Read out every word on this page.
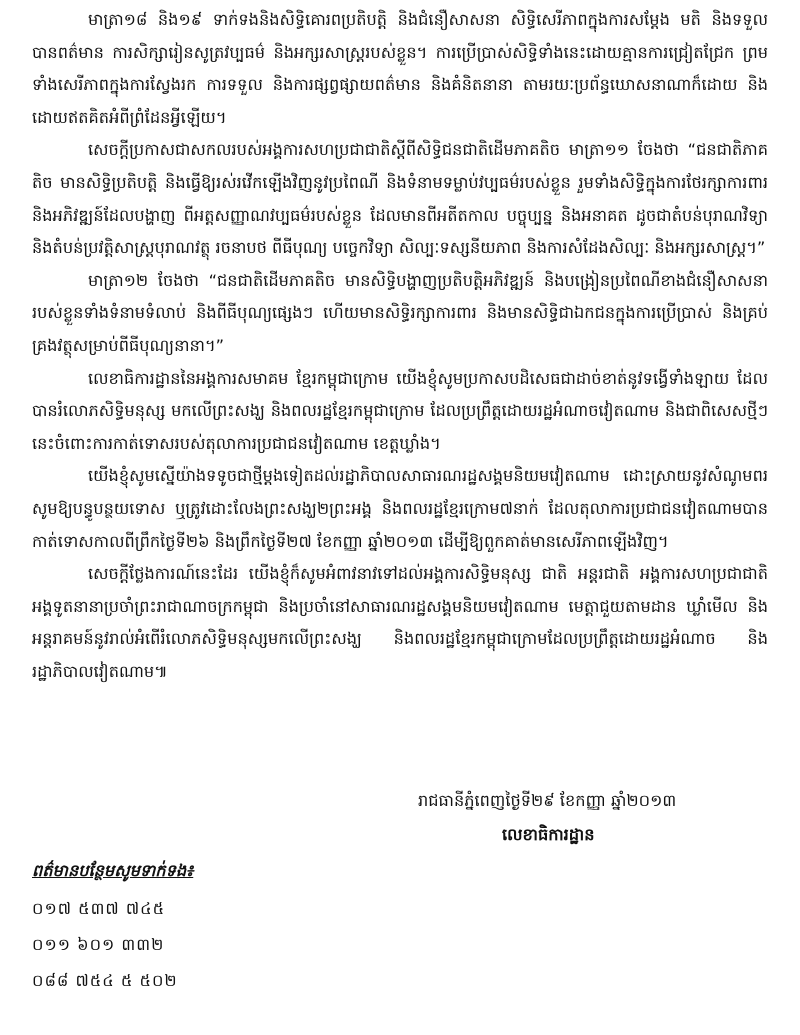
មាត្រា១៨ និង១៩ ទាក់ទងនិងសិទ្ធិគោរពប្រតិបត្តិ និងជំនឿសាសនា សិទ្ធិសេរីភាពក្នុងការសម្ដែង មតិ និងទទួលបានពត៌មាន ការសិក្សារៀនសូត្រវប្បធម៌ និងអក្សរសាស្ត្ររបស់ខ្លួន។ ការប្រើប្រាស់សិទ្ធិទាំងនេះដោយគ្មានការជ្រៀតជ្រែក ព្រមទាំងសេរីភាពក្នុងការស្វែងរក ការទទួល និងការផ្សព្វផ្សាយពត៌មាន និងគំនិតនានា តាមរយៈប្រព័ន្ធឃោសនាណាក៏ដោយ និងដោយឥតគិតអំពីព្រំដែនអ្វីឡើយ។

សេចក្ដីប្រកាសជាសកលរបស់អង្គការសហប្រជាជាតិស្ដីពីសិទ្ធិជនជាតិដើមភាគតិច មាត្រា១១ ចែងថា “ជនជាតិភាគតិច មានសិទ្ធិប្រតិបត្តិ និងធ្វើឱ្យរស់រវើកឡើងវិញនូវប្រពៃណី និងទំនាមទម្លាប់វប្បធម៌របស់ខ្លួន រួមទាំងសិទ្ធិក្នុងការថែរក្សាការពារ និងអភិវឌ្ឍន៍ដែលបង្ហាញ ពីអត្តសញ្ញាណវប្បធម៌របស់ខ្លួន ដែលមានពីអតីតកាល បច្ចុប្បន្ន និងអនាគត ដូចជាតំបន់បុរាណវិទ្យា និងតំបន់ប្រវត្តិសាស្ត្របុរាណវត្ថុ រចនាបថ ពីធីបុណ្យ បច្ចេកវិទ្យា សិល្បៈទស្សនីយភាព និងការសំដែងសិល្បៈ និងអក្សរសាស្ត្រ។”

មាត្រា១២ ចែងថា “ជនជាតិដើមភាគតិច មានសិទ្ធិបង្ហាញប្រតិបត្តិអភិវឌ្ឍន៍ និងបង្រៀនប្រពៃណីខាងជំនឿសាសនារបស់ខ្លួនទាំងទំនាមទំលាប់ និងពីធីបុណ្យផ្សេងៗ ហើយមានសិទ្ធិរក្សាការពារ និងមានសិទ្ធិជាឯកជនក្នុងការប្រើប្រាស់ និងគ្រប់គ្រងវត្ថុសម្រាប់ពីធីបុណ្យនានា។”

លេខាធិការដ្ឋាននៃអង្គការសមាគម ខ្មែរកម្ពុជាក្រោម យើងខ្ញុំសូមប្រកាសបដិសេធជាដាច់ខាត់នូវទង្វើទាំងឡាយ ដែលបានរំលោភសិទ្ធិមនុស្ស មកលើព្រះសង្ឃ និងពលរដ្ឋខ្មែរកម្ពុជាក្រោម ដែលប្រព្រឹត្តដោយរដ្ឋអំណាចវៀតណាម និងជាពិសេសថ្មីៗនេះចំពោះការកាត់ទោសរបស់តុលាការប្រជាជនវៀតណាម ខេត្តឃ្លាំង។

យើងខ្ញុំសូមស្នើយ៉ាងទទូចជាថ្មីម្ដងទៀតដល់រដ្ឋាភិបាលសាធារណរដ្ឋសង្គមនិយមវៀតណាម ដោះស្រាយនូវសំណូមពរ សូមឱ្យបន្ធូបន្ថយទោស ឬត្រូវដោះលែងព្រះសង្ឃ២ព្រះអង្គ និងពលរដ្ឋខ្មែរក្រោម៧នាក់ ដែលតុលាការប្រជាជនវៀតណាមបានកាត់ទោសកាលពីព្រឹកថ្ងៃទី២៦ និងព្រឹកថ្ងៃទី២៧ ខែកញ្ញា ឆ្នាំ២០១៣ ដើម្បីឱ្យពួកគាត់មានសេរីភាពឡើងវិញ។

សេចក្ដីថ្លែងការណ៍នេះដែរ យើងខ្ញុំក៏សូមអំពាវនាវទៅដល់អង្គការសិទ្ធិមនុស្ស ជាតិ អន្តរជាតិ អង្គការសហប្រជាជាតិ អង្គទូតនានាប្រចាំព្រះរាជាណាចក្រកម្ពុជា និងប្រចាំនៅសាធារណរដ្ឋសង្គមនិយមវៀតណាម មេត្តាជួយតាមដាន ឃ្លាំមើល និងអន្តរាគមន៍នូវរាល់អំពើរំលោភសិទ្ធិមនុស្សមកលើព្រះសង្ឃ និងពលរដ្ឋខ្មែរកម្ពុជាក្រោមដែលប្រព្រឹត្តដោយរដ្ឋអំណាច និងរដ្ឋាភិបាលវៀតណាម៕

រាជធានីភ្នំពេញថ្ងៃទី២៩ ខែកញ្ញា ឆ្នាំ២០១៣
លេខាធិការដ្ឋាន
ពត៌មានបន្ថែមសូមទាក់ទង៖
០១៧ ៥៣៧ ៧៤៥
០១១ ៦០១ ៣៣២
០៨៨ ៧៥៤ ៥ ៥០២
